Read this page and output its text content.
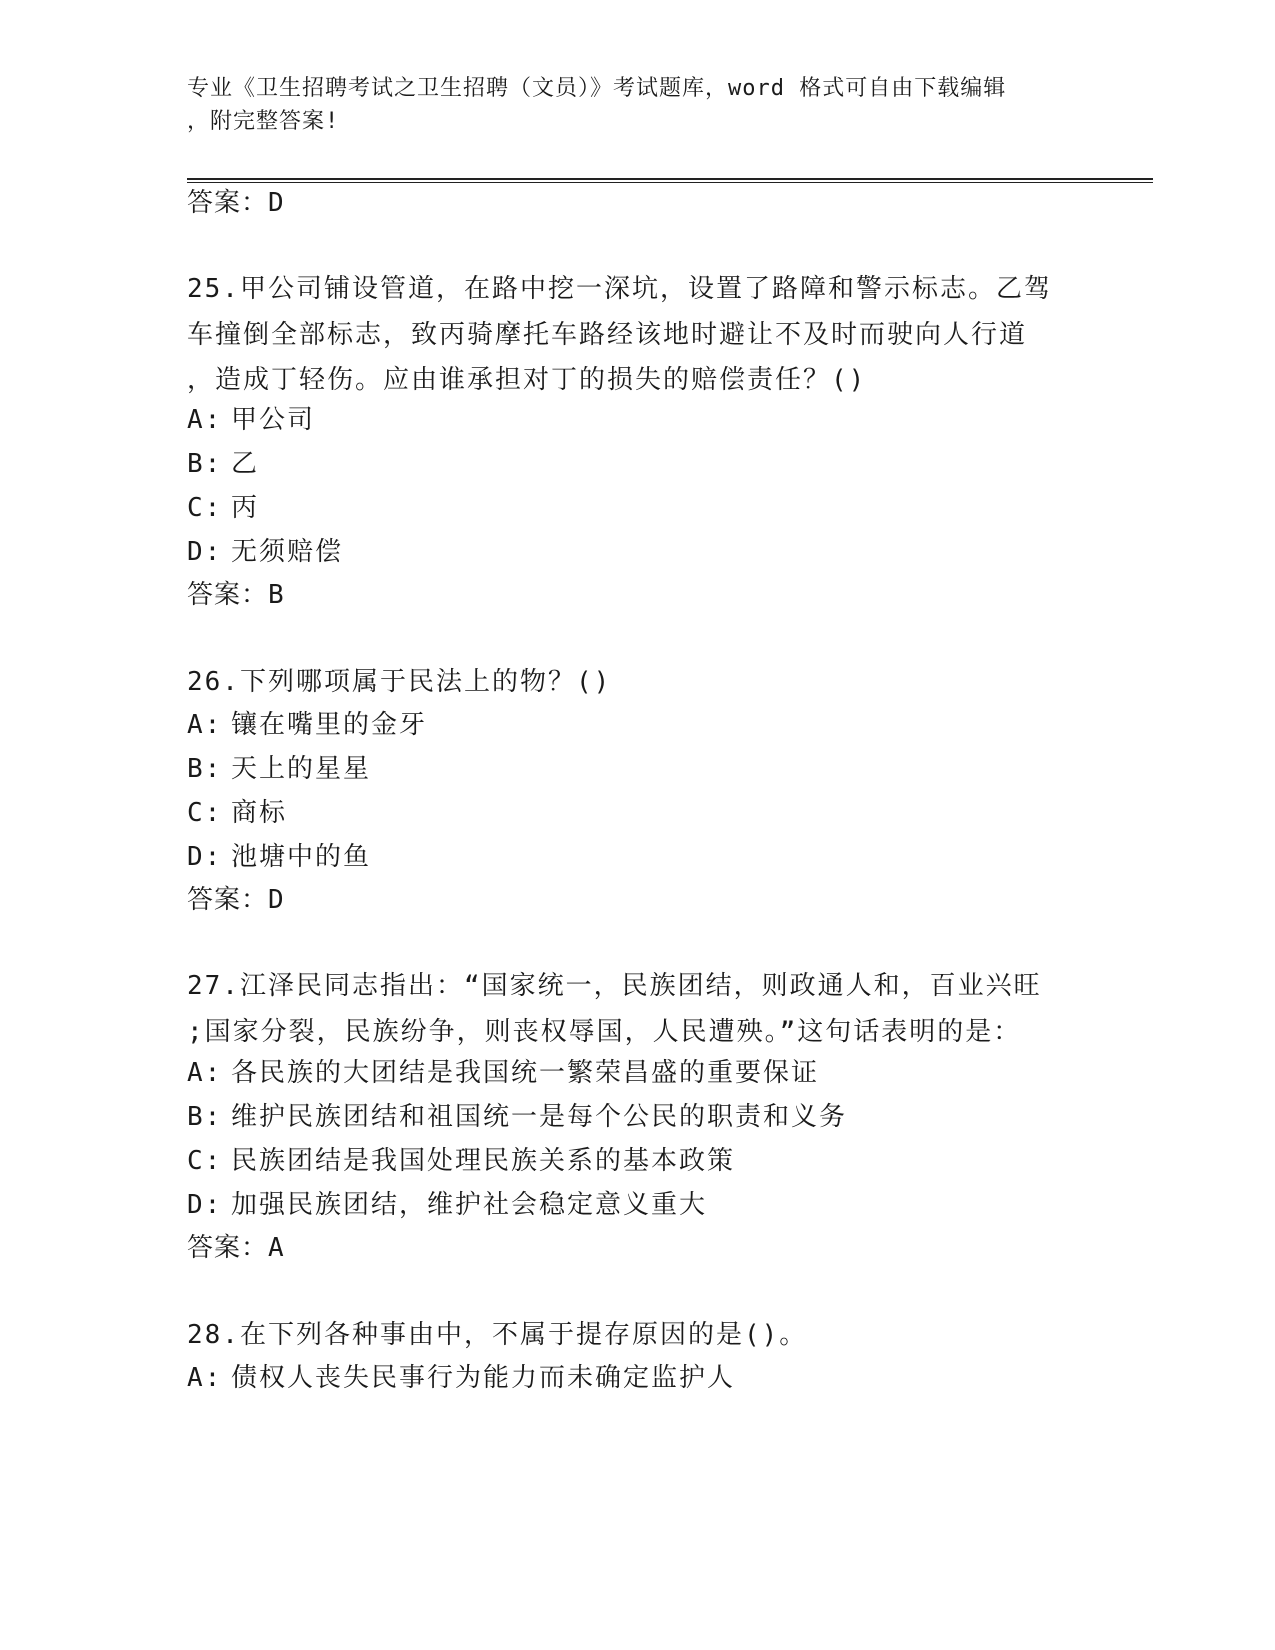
专业《卫生招聘考试之卫生招聘（文员）》考试题库，word 格式可自由下载编辑
，附完整答案!
答案：D
25.甲公司铺设管道，在路中挖一深坑，设置了路障和警示标志。乙驾
车撞倒全部标志，致丙骑摩托车路经该地时避让不及时而驶向人行道
，造成丁轻伤。应由谁承担对丁的损失的赔偿责任？()
A: 甲公司
B: 乙
C: 丙
D: 无须赔偿
答案：B
26.下列哪项属于民法上的物？()
A: 镶在嘴里的金牙
B: 天上的星星
C: 商标
D: 池塘中的鱼
答案：D
27.江泽民同志指出：“国家统一，民族团结，则政通人和，百业兴旺
;国家分裂，民族纷争，则丧权辱国，人民遭殃。”这句话表明的是：
A: 各民族的大团结是我国统一繁荣昌盛的重要保证
B: 维护民族团结和祖国统一是每个公民的职责和义务
C: 民族团结是我国处理民族关系的基本政策
D: 加强民族团结，维护社会稳定意义重大
答案：A
28.在下列各种事由中，不属于提存原因的是()。
A: 债权人丧失民事行为能力而未确定监护人
